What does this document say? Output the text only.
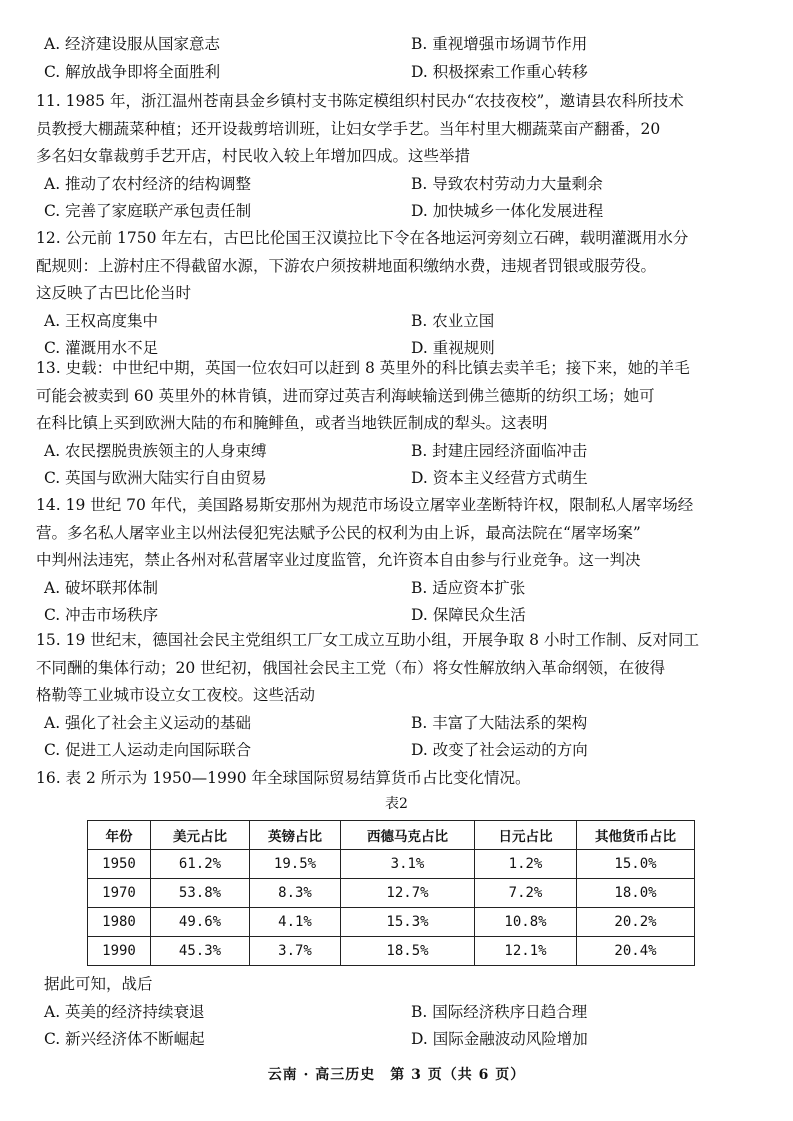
A. 经济建设服从国家意志	B. 重视增强市场调节作用
C. 解放战争即将全面胜利	D. 积极探索工作重心转移

11. 1985 年，浙江温州苍南县金乡镇村支书陈定模组织村民办“农技夜校”，邀请县农科所技术

员教授大棚蔬菜种植；还开设裁剪培训班，让妇女学手艺。当年村里大棚蔬菜亩产翻番，20

多名妇女靠裁剪手艺开店，村民收入较上年增加四成。这些举措

A. 推动了农村经济的结构调整	B. 导致农村劳动力大量剩余
C. 完善了家庭联产承包责任制	D. 加快城乡一体化发展进程

12. 公元前 1750 年左右，古巴比伦国王汉谟拉比下令在各地运河旁刻立石碑，载明灌溉用水分

配规则：上游村庄不得截留水源，下游农户须按耕地面积缴纳水费，违规者罚银或服劳役。

这反映了古巴比伦当时

A. 王权高度集中	B. 农业立国
C. 灌溉用水不足	D. 重视规则

13. 史载：中世纪中期，英国一位农妇可以赶到 8 英里外的科比镇去卖羊毛；接下来，她的羊毛

可能会被卖到 60 英里外的林肯镇，进而穿过英吉利海峡输送到佛兰德斯的纺织工场；她可

在科比镇上买到欧洲大陆的布和腌鲱鱼，或者当地铁匠制成的犁头。这表明

A. 农民摆脱贵族领主的人身束缚	B. 封建庄园经济面临冲击
C. 英国与欧洲大陆实行自由贸易	D. 资本主义经营方式萌生

14. 19 世纪 70 年代，美国路易斯安那州为规范市场设立屠宰业垄断特许权，限制私人屠宰场经

营。多名私人屠宰业主以州法侵犯宪法赋予公民的权利为由上诉，最高法院在“屠宰场案”

中判州法违宪，禁止各州对私营屠宰业过度监管，允许资本自由参与行业竞争。这一判决

A. 破坏联邦体制	B. 适应资本扩张
C. 冲击市场秩序	D. 保障民众生活

15. 19 世纪末，德国社会民主党组织工厂女工成立互助小组，开展争取 8 小时工作制、反对同工

不同酬的集体行动；20 世纪初，俄国社会民主工党（布）将女性解放纳入革命纲领，在彼得

格勒等工业城市设立女工夜校。这些活动

A. 强化了社会主义运动的基础	B. 丰富了大陆法系的架构
C. 促进工人运动走向国际联合	D. 改变了社会运动的方向

16. 表 2 所示为 1950—1990 年全球国际贸易结算货币占比变化情况。

表2
年份	美元占比	英镑占比	西德马克占比	日元占比	其他货币占比
1950	61.2%	19.5%	3.1%	1.2%	15.0%
1970	53.8%	8.3%	12.7%	7.2%	18.0%
1980	49.6%	4.1%	15.3%	10.8%	20.2%
1990	45.3%	3.7%	18.5%	12.1%	20.4%

据此可知，战后

A. 英美的经济持续衰退	B. 国际经济秩序日趋合理
C. 新兴经济体不断崛起	D. 国际金融波动风险增加
云南 · 高三历史　第 3 页（共 6 页）
